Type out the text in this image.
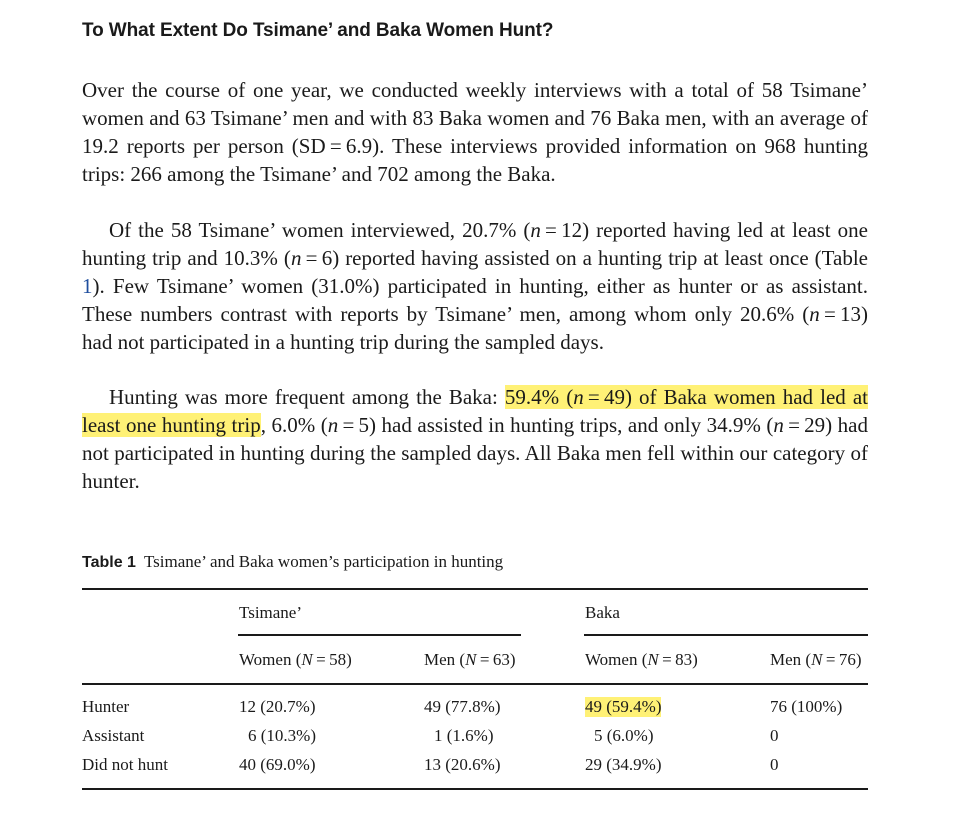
To What Extent Do Tsimane’ and Baka Women Hunt?

Over the course of one year, we conducted weekly interviews with a total of 58 Tsimane’ women and 63 Tsimane’ men and with 83 Baka women and 76 Baka men, with an average of 19.2 reports per person (SD = 6.9). These interviews provided information on 968 hunting trips: 266 among the Tsimane’ and 702 among the Baka.

Of the 58 Tsimane’ women interviewed, 20.7% (n = 12) reported having led at least one hunting trip and 10.3% (n = 6) reported having assisted on a hunting trip at least once (Table 1). Few Tsimane’ women (31.0%) participated in hunting, either as hunter or as assistant. These numbers contrast with reports by Tsimane’ men, among whom only 20.6% (n = 13) had not participated in a hunting trip during the sampled days.

Hunting was more frequent among the Baka: 59.4% (n = 49) of Baka women had led at least one hunting trip, 6.0% (n = 5) had assisted in hunting trips, and only 34.9% (n = 29) had not participated in hunting during the sampled days. All Baka men fell within our category of hunter.

Table 1 Tsimane’ and Baka women’s participation in hunting
Tsimane’	Baka
Women (N = 58)	Men (N = 63)	Women (N = 83)	Men (N = 76)
Hunter	12 (20.7%)	49 (77.8%)	49 (59.4%)	76 (100%)
Assistant	6 (10.3%)	1 (1.6%)	5 (6.0%)	0
Did not hunt	40 (69.0%)	13 (20.6%)	29 (34.9%)	0
